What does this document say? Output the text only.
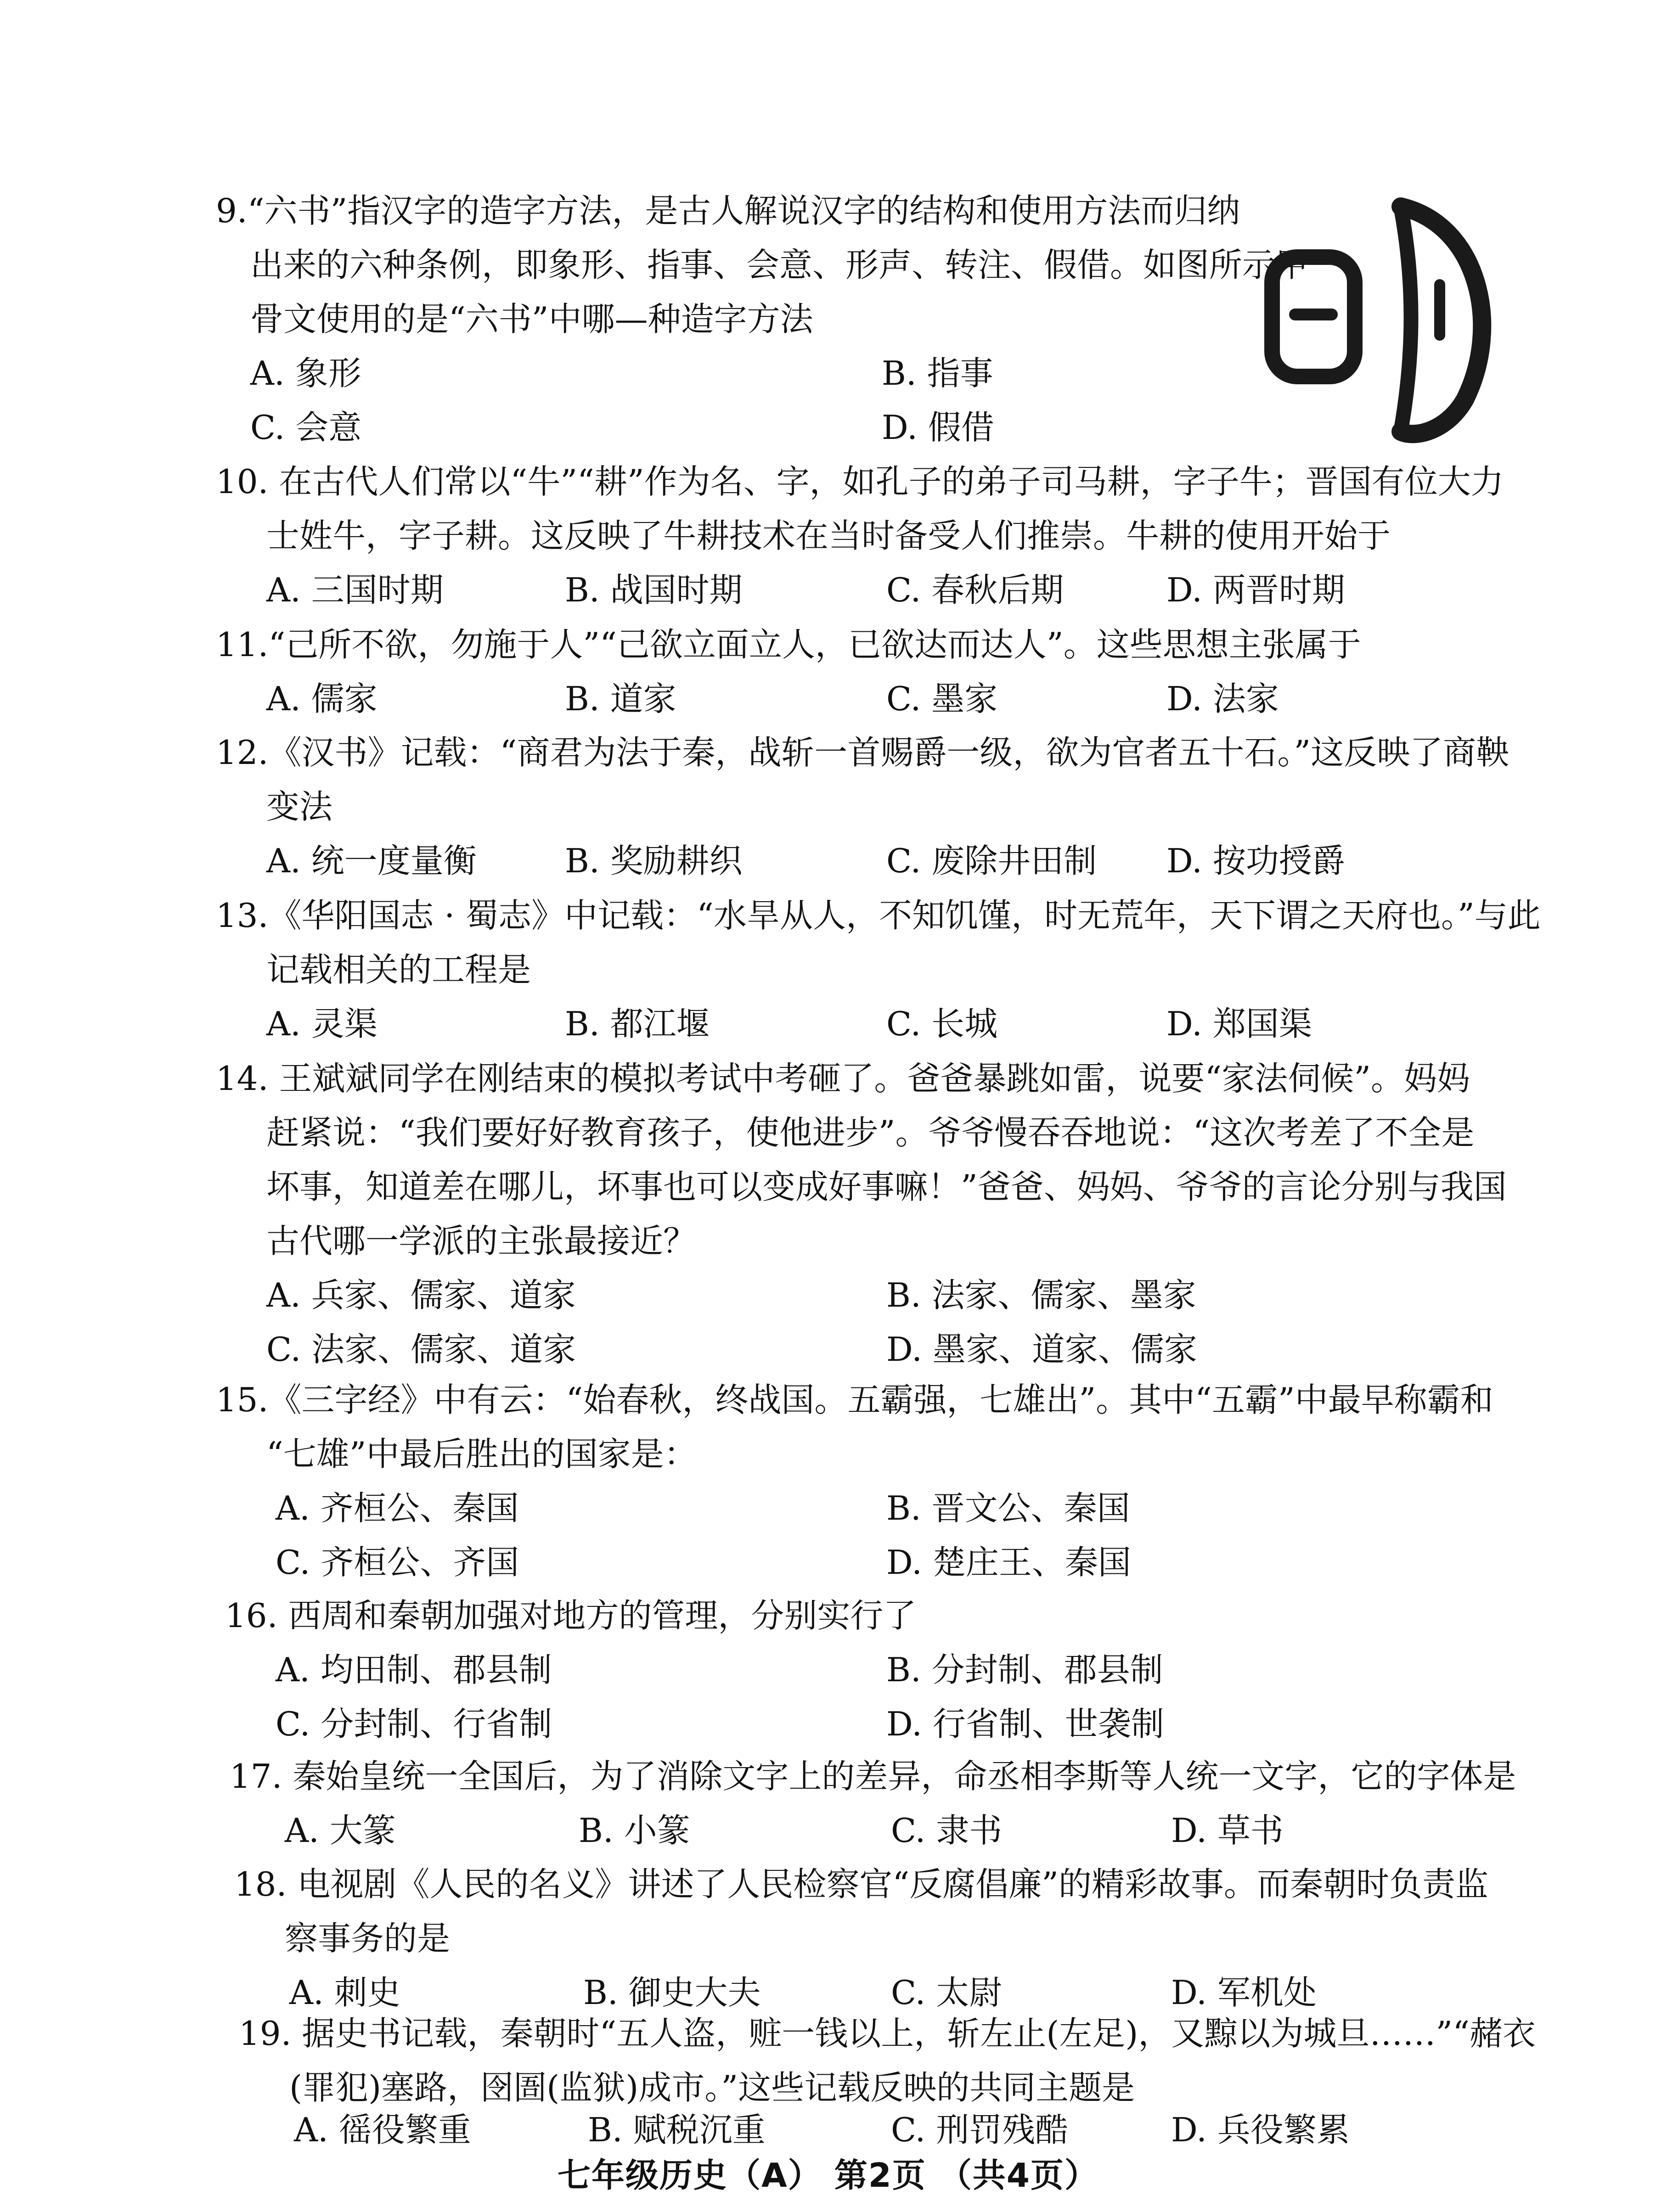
9.“六书”指汉字的造字方法，是古人解说汉字的结构和使用方法而归纳
出来的六种条例，即象形、指事、会意、形声、转注、假借。如图所示甲
骨文使用的是“六书”中哪—种造字方法
A. 象形	B. 指事
C. 会意	D. 假借
10. 在古代人们常以“牛”“耕”作为名、字，如孔子的弟子司马耕，字子牛；晋国有位大力
士姓牛，字子耕。这反映了牛耕技术在当时备受人们推崇。牛耕的使用开始于
A. 三国时期	B. 战国时期	C. 春秋后期	D. 两晋时期
11.“己所不欲，勿施于人”“己欲立面立人，已欲达而达人”。这些思想主张属于
A. 儒家	B. 道家	C. 墨家	D. 法家
12.《汉书》记载：“商君为法于秦，战斩一首赐爵一级，欲为官者五十石。”这反映了商鞅
变法
A. 统一度量衡	B. 奖励耕织	C. 废除井田制 D. 按功授爵
13.《华阳国志 · 蜀志》中记载：“水旱从人，不知饥馑，时无荒年，天下谓之天府也。”与此
记载相关的工程是
A. 灵渠	B. 都江堰	C. 长城	D. 郑国渠
14. 王斌斌同学在刚结束的模拟考试中考砸了。爸爸暴跳如雷，说要“家法伺候”。妈妈
赶紧说：“我们要好好教育孩子，使他进步”。爷爷慢吞吞地说：“这次考差了不全是
坏事，知道差在哪儿，坏事也可以变成好事嘛！”爸爸、妈妈、爷爷的言论分别与我国
古代哪一学派的主张最接近？
A. 兵家、儒家、道家	B. 法家、儒家、墨家
C. 法家、儒家、道家	D. 墨家、道家、儒家
15.《三字经》中有云：“始春秋，终战国。五霸强，七雄出”。其中“五霸”中最早称霸和
“七雄”中最后胜出的国家是：
A. 齐桓公、秦国	B. 晋文公、秦国
C. 齐桓公、齐国	D. 楚庄王、秦国
16. 西周和秦朝加强对地方的管理，分别实行了
A. 均田制、郡县制	B. 分封制、郡县制
C. 分封制、行省制	D. 行省制、世袭制
17. 秦始皇统一全国后，为了消除文字上的差异，命丞相李斯等人统一文字，它的字体是
A. 大篆	B. 小篆	C. 隶书	D. 草书
18. 电视剧《人民的名义》讲述了人民检察官“反腐倡廉”的精彩故事。而秦朝时负责监
察事务的是
A. 刺史	B. 御史大夫	C. 太尉	D. 军机处
19. 据史书记载，秦朝时“五人盗，赃一钱以上，斩左止(左足)，又黥以为城旦……”“赭衣
(罪犯)塞路，囹圄(监狱)成市。”这些记载反映的共同主题是
A. 徭役繁重	B. 赋税沉重	C. 刑罚残酷	D. 兵役繁累
七年级历史（A） 第2页 （共4页）
